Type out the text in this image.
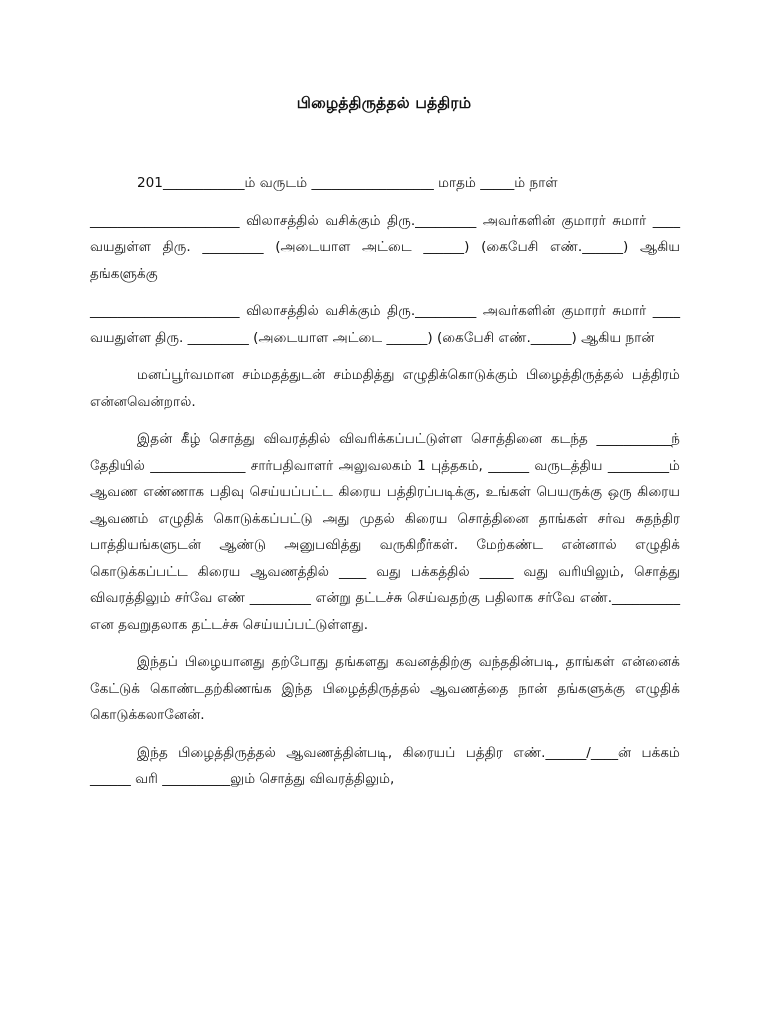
பிழைத்திருத்தல் பத்திரம்

201____________ம் வருடம் __________________ மாதம் _____ம் நாள்

______________________ விலாசத்தில் வசிக்கும் திரு._________ அவர்களின் குமாரர் சுமார் ____ வயதுள்ள திரு. _________ (அடையாள அட்டை ______) (கைபேசி எண்.______) ஆகிய தங்களுக்கு

______________________ விலாசத்தில் வசிக்கும் திரு._________ அவர்களின் குமாரர் சுமார் ____ வயதுள்ள திரு. _________ (அடையாள அட்டை ______) (கைபேசி எண்.______) ஆகிய நான்

மனப்பூர்வமான சம்மதத்துடன் சம்மதித்து எழுதிக்கொடுக்கும் பிழைத்திருத்தல் பத்திரம் என்னவென்றால்.

இதன் கீழ் சொத்து விவரத்தில் விவரிக்கப்பட்டுள்ள சொத்தினை கடந்த ___________ந் தேதியில் ______________ சார்பதிவாளர் அலுவலகம் 1 புத்தகம், ______ வருடத்திய _________ம் ஆவண எண்ணாக பதிவு செய்யப்பட்ட கிரைய பத்திரப்படிக்கு, உங்கள் பெயருக்கு ஒரு கிரைய ஆவணம் எழுதிக் கொடுக்கப்பட்டு அது முதல் கிரைய சொத்தினை தாங்கள் சர்வ சுதந்திர பாத்தியங்களுடன் ஆண்டு அனுபவித்து வருகிறீர்கள். மேற்கண்ட என்னால் எழுதிக் கொடுக்கப்பட்ட கிரைய ஆவணத்தில் ____ வது பக்கத்தில் _____ வது வரியிலும், சொத்து விவரத்திலும் சர்வே எண் _________ என்று தட்டச்சு செய்வதற்கு பதிலாக சர்வே எண்.__________ என தவறுதலாக தட்டச்சு செய்யப்பட்டுள்ளது.

இந்தப் பிழையானது தற்போது தங்களது கவனத்திற்கு வந்ததின்படி, தாங்கள் என்னைக் கேட்டுக் கொண்டதற்கிணங்க இந்த பிழைத்திருத்தல் ஆவணத்தை நான் தங்களுக்கு எழுதிக் கொடுக்கலானேன்.

இந்த பிழைத்திருத்தல் ஆவணத்தின்படி, கிரையப் பத்திர எண்.______/____ன் பக்கம் ______ வரி __________லும் சொத்து விவரத்திலும்,
